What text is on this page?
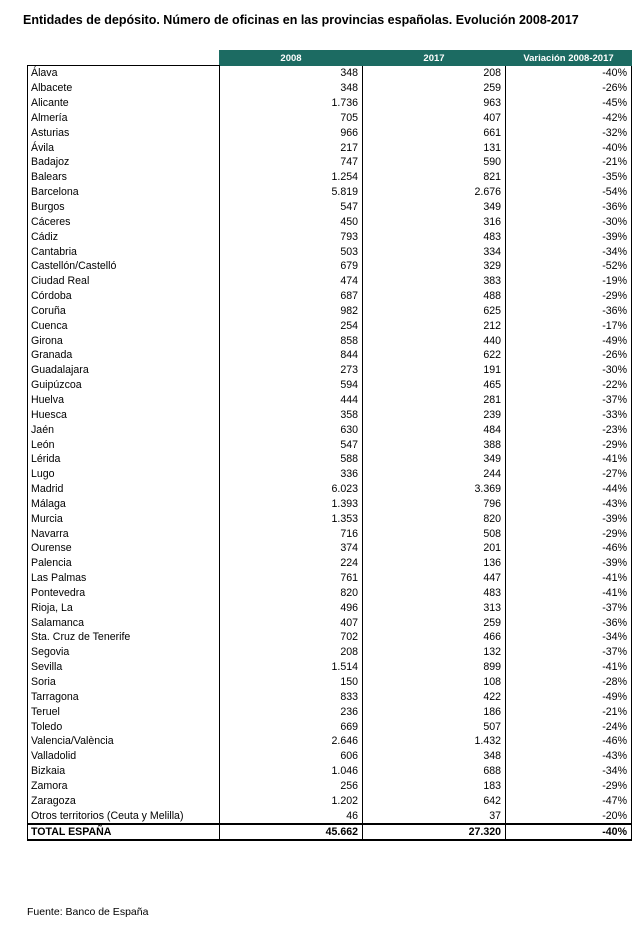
Entidades de depósito. Número de oficinas en las provincias españolas. Evolución 2008-2017
	2008	2017	Variación 2008-2017
Álava	348	208	-40%
Albacete	348	259	-26%
Alicante	1.736	963	-45%
Almería	705	407	-42%
Asturias	966	661	-32%
Ávila	217	131	-40%
Badajoz	747	590	-21%
Balears	1.254	821	-35%
Barcelona	5.819	2.676	-54%
Burgos	547	349	-36%
Cáceres	450	316	-30%
Cádiz	793	483	-39%
Cantabria	503	334	-34%
Castellón/Castelló	679	329	-52%
Ciudad Real	474	383	-19%
Córdoba	687	488	-29%
Coruña	982	625	-36%
Cuenca	254	212	-17%
Girona	858	440	-49%
Granada	844	622	-26%
Guadalajara	273	191	-30%
Guipúzcoa	594	465	-22%
Huelva	444	281	-37%
Huesca	358	239	-33%
Jaén	630	484	-23%
León	547	388	-29%
Lérida	588	349	-41%
Lugo	336	244	-27%
Madrid	6.023	3.369	-44%
Málaga	1.393	796	-43%
Murcia	1.353	820	-39%
Navarra	716	508	-29%
Ourense	374	201	-46%
Palencia	224	136	-39%
Las Palmas	761	447	-41%
Pontevedra	820	483	-41%
Rioja, La	496	313	-37%
Salamanca	407	259	-36%
Sta. Cruz de Tenerife	702	466	-34%
Segovia	208	132	-37%
Sevilla	1.514	899	-41%
Soria	150	108	-28%
Tarragona	833	422	-49%
Teruel	236	186	-21%
Toledo	669	507	-24%
Valencia/València	2.646	1.432	-46%
Valladolid	606	348	-43%
Bizkaia	1.046	688	-34%
Zamora	256	183	-29%
Zaragoza	1.202	642	-47%
Otros territorios (Ceuta y Melilla)	46	37	-20%
TOTAL ESPAÑA	45.662	27.320	-40%
Fuente: Banco de España
